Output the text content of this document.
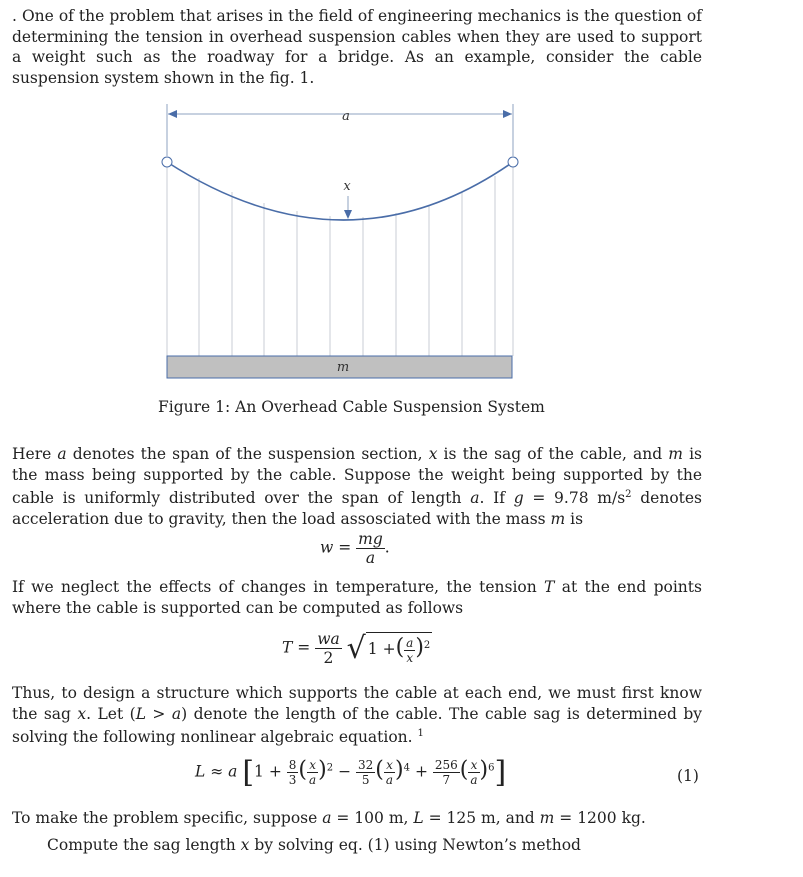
. One of the problem that arises in the field of engineering mechanics is the question of determining the tension in overhead suspension cables when they are used to support a weight such as the roadway for a bridge. As an example, consider the cable suspension system shown in the fig. 1.
a
x
m
Figure 1: An Overhead Cable Suspension System
Here a denotes the span of the suspension section, x is the sag of the cable, and m is the mass being supported by the cable. Suppose the weight being supported by the cable is uniformly distributed over the span of length a. If g = 9.78 $m/s^2$ denotes acceleration due to gravity, then the load assosciated with the mass m is
$w = \frac{mg}{a}$ .
If we neglect the effects of changes in temperature, the tension T at the end points where the cable is supported can be computed as follows
$T = \frac{wa}{2}$ √ 1 +( $\frac{a}{x} )^2$
Thus, to design a structure which supports the cable at each end, we must first know the sag x. Let (L > a) denote the length of the cable. The cable sag is determined by solving the following nonlinear algebraic equation. $^1$
L ≈ a [$1 + \frac{8}{3}$ ( $\frac{x}{a} )^2 - \frac{32}{5}$ ( $\frac{x}{a} )^4 + \frac{256}{7}$ ( $\frac{x}{a} )^6$]	(1)
To make the problem specific, suppose a = 100 m, L = 125 m, and m = 1200 kg.
Compute the sag length x by solving eq. (1) using Newton’s method
